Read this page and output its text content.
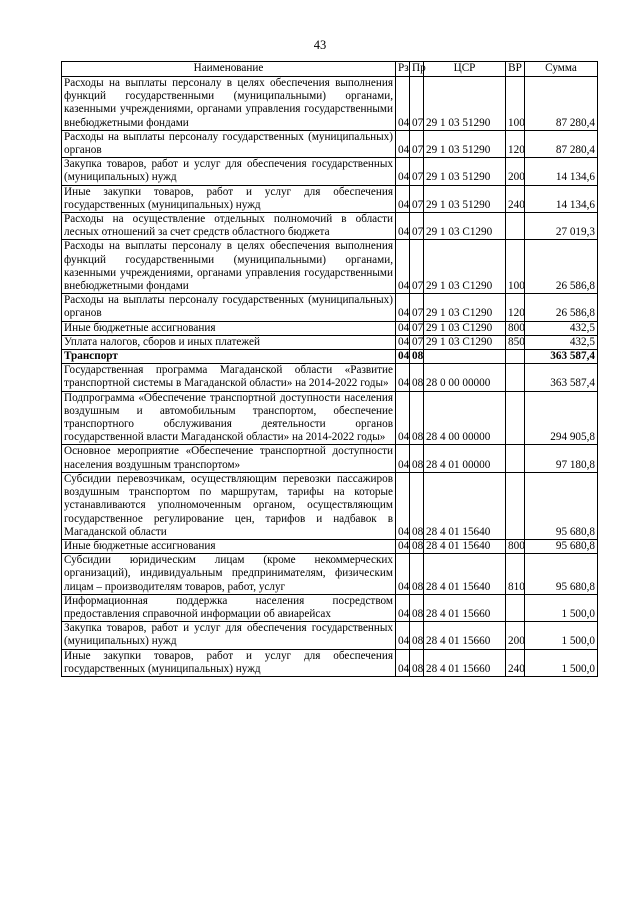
43
Наименование	Рз	Пр	ЦСР	ВР	Сумма
Расходы на выплаты персоналу в целях обеспечения выполнения функций государственными (муниципальными) органами, казенными учреждениями, органами управления государственными внебюджетными фондами	04	07	29 1 03 51290	100	87 280,4
Расходы на выплаты персоналу государственных (муниципальных) органов	04	07	29 1 03 51290	120	87 280,4
Закупка товаров, работ и услуг для обеспечения государственных (муниципальных) нужд	04	07	29 1 03 51290	200	14 134,6
Иные закупки товаров, работ и услуг для обеспечения государственных (муниципальных) нужд	04	07	29 1 03 51290	240	14 134,6
Расходы на осуществление отдельных полномочий в области лесных отношений за счет средств областного бюджета	04	07	29 1 03 С1290		27 019,3
Расходы на выплаты персоналу в целях обеспечения выполнения функций государственными (муниципальными) органами, казенными учреждениями, органами управления государственными внебюджетными фондами	04	07	29 1 03 С1290	100	26 586,8
Расходы на выплаты персоналу государственных (муниципальных) органов	04	07	29 1 03 С1290	120	26 586,8
Иные бюджетные ассигнования	04	07	29 1 03 С1290	800	432,5
Уплата налогов, сборов и иных платежей	04	07	29 1 03 С1290	850	432,5
Транспорт	04	08			363 587,4
Государственная программа Магаданской области «Развитие транспортной системы в Магаданской области» на 2014-2022 годы»	04	08	28 0 00 00000		363 587,4
Подпрограмма «Обеспечение транспортной доступности населения воздушным и автомобильным транспортом, обеспечение транспортного обслуживания деятельности органов государственной власти Магаданской области» на 2014-2022 годы»	04	08	28 4 00 00000		294 905,8
Основное мероприятие «Обеспечение транспортной доступности населения воздушным транспортом»	04	08	28 4 01 00000		97 180,8
Субсидии перевозчикам, осуществляющим перевозки пассажиров воздушным транспортом по маршрутам, тарифы на которые устанавливаются уполномоченным органом, осуществляющим государственное регулирование цен, тарифов и надбавок в Магаданской области	04	08	28 4 01 15640		95 680,8
Иные бюджетные ассигнования	04	08	28 4 01 15640	800	95 680,8
Субсидии юридическим лицам (кроме некоммерческих организаций), индивидуальным предпринимателям, физическим лицам – производителям товаров, работ, услуг	04	08	28 4 01 15640	810	95 680,8
Информационная поддержка населения посредством предоставления справочной информации об авиарейсах	04	08	28 4 01 15660		1 500,0
Закупка товаров, работ и услуг для обеспечения государственных (муниципальных) нужд	04	08	28 4 01 15660	200	1 500,0
Иные закупки товаров, работ и услуг для обеспечения государственных (муниципальных) нужд	04	08	28 4 01 15660	240	1 500,0
